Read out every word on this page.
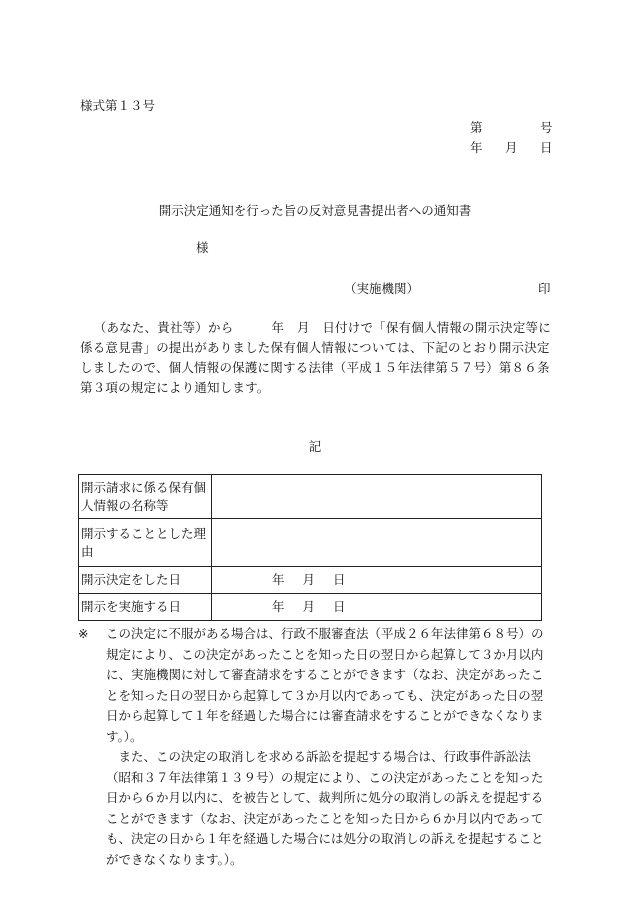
様式第１３号
第	号
年 月 日
開示決定通知を行った旨の反対意見書提出者への通知書
様
（実施機関）	印
（あなた、貴社等）から　　　年　月　日付けで「保有個人情報の開示決定等に係る意見書」の提出がありました保有個人情報については、下記のとおり開示決定しましたので、個人情報の保護に関する法律（平成１５年法律第５７号）第８６条第３項の規定により通知します。
記
開示請求に係る保有個人情報の名称等	
開示することとした理由	
開示決定をした日	年 月 日
開示を実施する日	年 月 日

※ この決定に不服がある場合は、行政不服審査法（平成２６年法律第６８号）の規定により、この決定があったことを知った日の翌日から起算して３か月以内に、実施機関に対して審査請求をすることができます（なお、決定があったことを知った日の翌日から起算して３か月以内であっても、決定があった日の翌日から起算して１年を経過した場合には審査請求をすることができなくなります。）。

また、この決定の取消しを求める訴訟を提起する場合は、行政事件訴訟法（昭和３７年法律第１３９号）の規定により、この決定があったことを知った日から６か月以内に、を被告として、裁判所に処分の取消しの訴えを提起することができます（なお、決定があったことを知った日から６か月以内であっても、決定の日から１年を経過した場合には処分の取消しの訴えを提起することができなくなります。）。
